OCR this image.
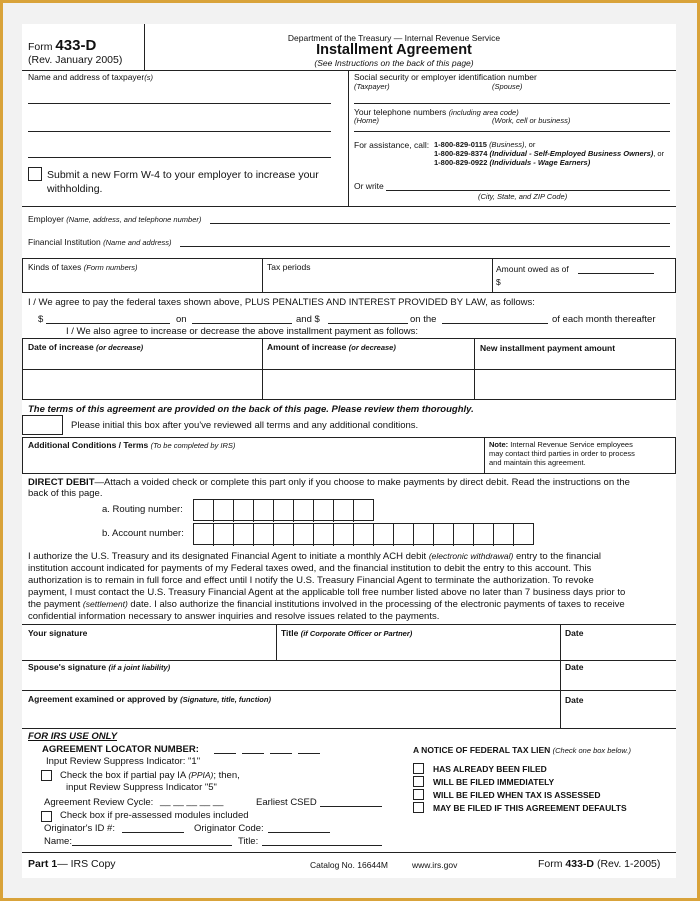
Form 433-D
(Rev. January 2005)
Department of the Treasury — Internal Revenue Service
Installment Agreement
(See Instructions on the back of this page)
Name and address of taxpayer(s)
Submit a new Form W-4 to your employer to increase your
withholding.
Social security or employer identification number
(Taxpayer)	(Spouse)
Your telephone numbers (including area code)
(Home)	(Work, cell or business)
For assistance, call: 1-800-829-0115 (Business), or
1-800-829-8374 (Individual - Self-Employed Business Owners), or
1-800-829-0922 (Individuals - Wage Earners)
Or write
(City, State, and ZIP Code)
Employer (Name, address, and telephone number)
Financial Institution (Name and address)
Kinds of taxes (Form numbers)	Tax periods	Amount owed as of
$
I / We agree to pay the federal taxes shown above, PLUS PENALTIES AND INTEREST PROVIDED BY LAW, as follows:
$	on	and $	on the	of each month thereafter
I / We also agree to increase or decrease the above installment payment as follows:
Date of increase (or decrease)	Amount of increase (or decrease)	New installment payment amount
The terms of this agreement are provided on the back of this page. Please review them thoroughly.
Please initial this box after you've reviewed all terms and any additional conditions.
Additional Conditions / Terms (To be completed by IRS)	Note: Internal Revenue Service employees
may contact third parties in order to process
and maintain this agreement.
DIRECT DEBIT—Attach a voided check or complete this part only if you choose to make payments by direct debit. Read the instructions on the
back of this page.
a. Routing number:
b. Account number:
I authorize the U.S. Treasury and its designated Financial Agent to initiate a monthly ACH debit (electronic withdrawal) entry to the financial
institution account indicated for payments of my Federal taxes owed, and the financial institution to debit the entry to this account. This
authorization is to remain in full force and effect until I notify the U.S. Treasury Financial Agent to terminate the authorization. To revoke
payment, I must contact the U.S. Treasury Financial Agent at the applicable toll free number listed above no later than 7 business days prior to
the payment (settlement) date. I also authorize the financial institutions involved in the processing of the electronic payments of taxes to receive
confidential information necessary to answer inquiries and resolve issues related to the payments.
Your signature	Title (if Corporate Officer or Partner)	Date
Spouse's signature (if a joint liability)	Date
Agreement examined or approved by (Signature, title, function)	Date
FOR IRS USE ONLY
AGREEMENT LOCATOR NUMBER:
Input Review Suppress Indicator: "1"
Check the box if partial pay IA (PPIA); then,
input Review Suppress Indicator "5"
Agreement Review Cycle: __ __ __ __ __	Earliest CSED
Check box if pre-assessed modules included
Originator's ID #:	Originator Code:
Name:	Title:
A NOTICE OF FEDERAL TAX LIEN (Check one box below.)
HAS ALREADY BEEN FILED
WILL BE FILED IMMEDIATELY
WILL BE FILED WHEN TAX IS ASSESSED
MAY BE FILED IF THIS AGREEMENT DEFAULTS
Part 1— IRS Copy	Catalog No. 16644M	www.irs.gov	Form 433-D (Rev. 1-2005)
